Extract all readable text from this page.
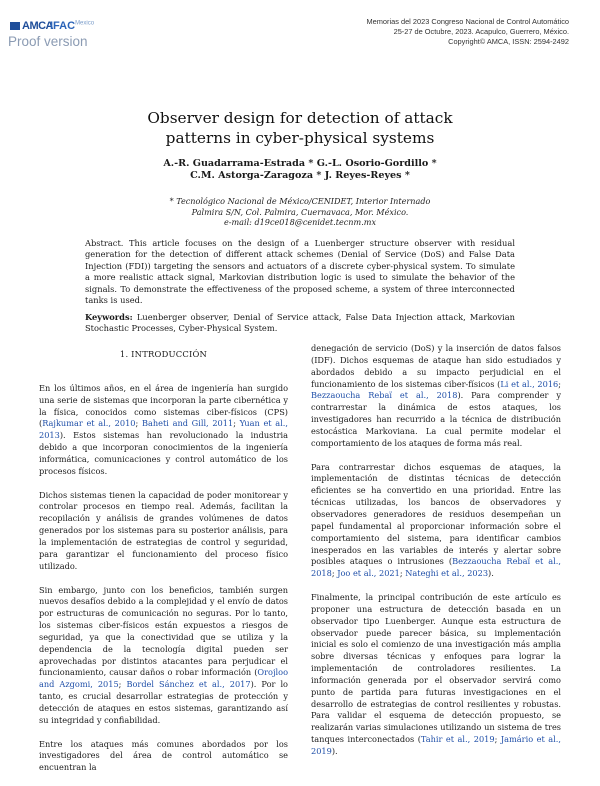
AMCA
$IFAC^{Mexico}$
Proof version
Memorias del 2023 Congreso Nacional de Control Automático
25-27 de Octubre, 2023. Acapulco, Guerrero, México.
Copyright© AMCA, ISSN: 2594-2492
Observer design for detection of attack
patterns in cyber-physical systems
A.-R. Guadarrama-Estrada * G.-L. Osorio-Gordillo *
C.M. Astorga-Zaragoza * J. Reyes-Reyes *
* Tecnológico Nacional de México/CENIDET, Interior Internado
Palmira S/N, Col. Palmira, Cuernavaca, Mor. México.
e-mail: d19ce018@cenidet.tecnm.mx
Abstract. This article focuses on the design of a Luenberger structure observer with residual generation for the detection of different attack schemes (Denial of Service (DoS) and False Data Injection (FDI)) targeting the sensors and actuators of a discrete cyber-physical system. To simulate a more realistic attack signal, Markovian distribution logic is used to simulate the behavior of the signals. To demonstrate the effectiveness of the proposed scheme, a system of three interconnected tanks is used.
Keywords: Luenberger observer, Denial of Service attack, False Data Injection attack, Markovian Stochastic Processes, Cyber-Physical System.
1. INTRODUCCIÓN

En los últimos años, en el área de ingeniería han surgido una serie de sistemas que incorporan la parte cibernética y la física, conocidos como sistemas ciber-físicos (CPS) (Rajkumar et al., 2010; Baheti and Gill, 2011; Yuan et al., 2013). Estos sistemas han revolucionado la industria debido a que incorporan conocimientos de la ingeniería informática, comunicaciones y control automático de los procesos físicos.

Dichos sistemas tienen la capacidad de poder monitorear y controlar procesos en tiempo real. Además, facilitan la recopilación y análisis de grandes volúmenes de datos generados por los sistemas para su posterior análisis, para la implementación de estrategias de control y seguridad, para garantizar el funcionamiento del proceso físico utilizado.

Sin embargo, junto con los beneficios, también surgen nuevos desafíos debido a la complejidad y el envío de datos por estructuras de comunicación no seguras. Por lo tanto, los sistemas ciber-físicos están expuestos a riesgos de seguridad, ya que la conectividad que se utiliza y la dependencia de la tecnología digital pueden ser aprovechadas por distintos atacantes para perjudicar el funcionamiento, causar daños o robar información (Orojloo and Azgomi, 2015; Bordel Sánchez et al., 2017). Por lo tanto, es crucial desarrollar estrategias de protección y detección de ataques en estos sistemas, garantizando así su integridad y confiabilidad.

Entre los ataques más comunes abordados por los investigadores del área de control automático se encuentran la

denegación de servicio (DoS) y la inserción de datos falsos (IDF). Dichos esquemas de ataque han sido estudiados y abordados debido a su impacto perjudicial en el funcionamiento de los sistemas ciber-físicos (Li et al., 2016; Bezzaoucha Rebaï et al., 2018). Para comprender y contrarrestar la dinámica de estos ataques, los investigadores han recurrido a la técnica de distribución estocástica Markoviana. La cual permite modelar el comportamiento de los ataques de forma más real.

Para contrarrestar dichos esquemas de ataques, la implementación de distintas técnicas de detección eficientes se ha convertido en una prioridad. Entre las técnicas utilizadas, los bancos de observadores y observadores generadores de residuos desempeñan un papel fundamental al proporcionar información sobre el comportamiento del sistema, para identificar cambios inesperados en las variables de interés y alertar sobre posibles ataques o intrusiones (Bezzaoucha Rebaï et al., 2018; Joo et al., 2021; Nateghi et al., 2023).

Finalmente, la principal contribución de este artículo es proponer una estructura de detección basada en un observador tipo Luenberger. Aunque esta estructura de observador puede parecer básica, su implementación inicial es solo el comienzo de una investigación más amplia sobre diversas técnicas y enfoques para lograr la implementación de controladores resilientes. La información generada por el observador servirá como punto de partida para futuras investigaciones en el desarrollo de estrategias de control resilientes y robustas. Para validar el esquema de detección propuesto, se realizarán varias simulaciones utilizando un sistema de tres tanques interconectados (Tahir et al., 2019; Jamário et al., 2019).
